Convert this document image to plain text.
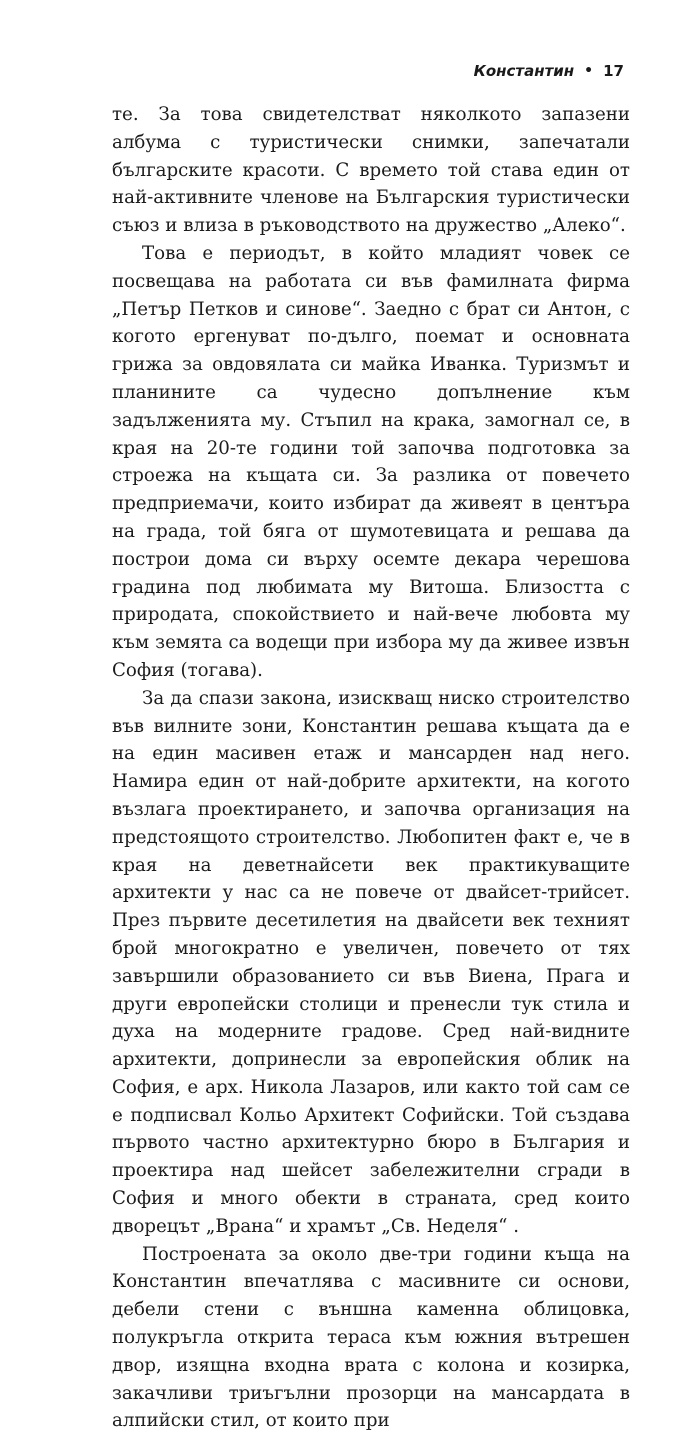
Константин • 17

те. За това свидетелстват няколкото запазени албума с туристически снимки, запечатали българските красоти. С времето той става един от най-активните членове на Българския туристически съюз и влиза в ръководството на дружество „Алеко“.

Това е периодът, в който младият човек се посвещава на работата си във фамилната фирма „Петър Петков и синове“. Заедно с брат си Антон, с когото ергенуват по-дълго, поемат и основната грижа за овдовялата си майка Иванка. Туризмът и планините са чудесно допълнение към задълженията му. Стъпил на крака, замогнал се, в края на 20-те години той започва подготовка за строежа на къщата си. За разлика от повечето предприемачи, които избират да живеят в центъра на града, той бяга от шумотевицата и решава да построи дома си върху осемте декара черешова градина под любимата му Витоша. Близостта с природата, спокойствието и най-вече любовта му към земята са водещи при избора му да живее извън София (тогава).

За да спази закона, изискващ ниско строителство във вилните зони, Константин решава къщата да е на един масивен етаж и мансарден над него. Намира един от най-добрите архитекти, на когото възлага проектирането, и започва организация на предстоящото строителство. Любопитен факт е, че в края на деветнайсети век практикуващите архитекти у нас са не повече от двайсет-трийсет. През първите десетилетия на двайсети век техният брой многократно е увеличен, повечето от тях завършили образованието си във Виена, Прага и други европейски столици и пренесли тук стила и духа на модерните градове. Сред най-видните архитекти, допринесли за европейския облик на София, е арх. Никола Лазаров, или както той сам се е подписвал Кольо Архитект Софийски. Той създава първото частно архитектурно бюро в България и проектира над шейсет забележителни сгради в София и много обекти в страната, сред които дворецът „Врана“ и храмът „Св. Неделя“ .

Построената за около две-три години къща на Константин впечатлява с масивните си основи, дебели стени с външна каменна облицовка, полукръгла открита тераса към южния вътрешен двор, изящна входна врата с колона и козирка, закачливи триъгълни прозорци на мансардата в алпийски стил, от които при
